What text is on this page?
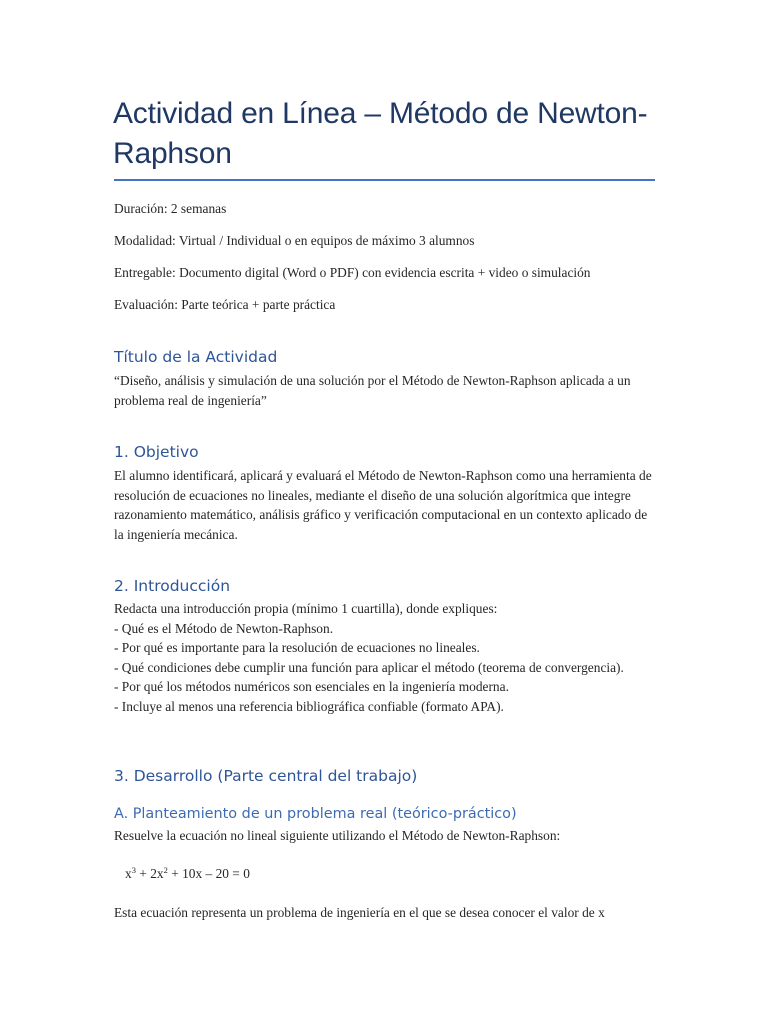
Actividad en Línea – Método de Newton-Raphson

Duración: 2 semanas

Modalidad: Virtual / Individual o en equipos de máximo 3 alumnos

Entregable: Documento digital (Word o PDF) con evidencia escrita + video o simulación

Evaluación: Parte teórica + parte práctica

Título de la Actividad

“Diseño, análisis y simulación de una solución por el Método de Newton-Raphson aplicada a un problema real de ingeniería”

1. Objetivo

El alumno identificará, aplicará y evaluará el Método de Newton-Raphson como una herramienta de resolución de ecuaciones no lineales, mediante el diseño de una solución algorítmica que integre razonamiento matemático, análisis gráfico y verificación computacional en un contexto aplicado de la ingeniería mecánica.

2. Introducción
Redacta una introducción propia (mínimo 1 cuartilla), donde expliques:
- Qué es el Método de Newton-Raphson.
- Por qué es importante para la resolución de ecuaciones no lineales.
- Qué condiciones debe cumplir una función para aplicar el método (teorema de convergencia).
- Por qué los métodos numéricos son esenciales en la ingeniería moderna.
- Incluye al menos una referencia bibliográfica confiable (formato APA).
3. Desarrollo (Parte central del trabajo)
A. Planteamiento de un problema real (teórico-práctico)

Resuelve la ecuación no lineal siguiente utilizando el Método de Newton-Raphson:

$x^3 + 2x^2 + 10x - 20 = 0$

Esta ecuación representa un problema de ingeniería en el que se desea conocer el valor de x
